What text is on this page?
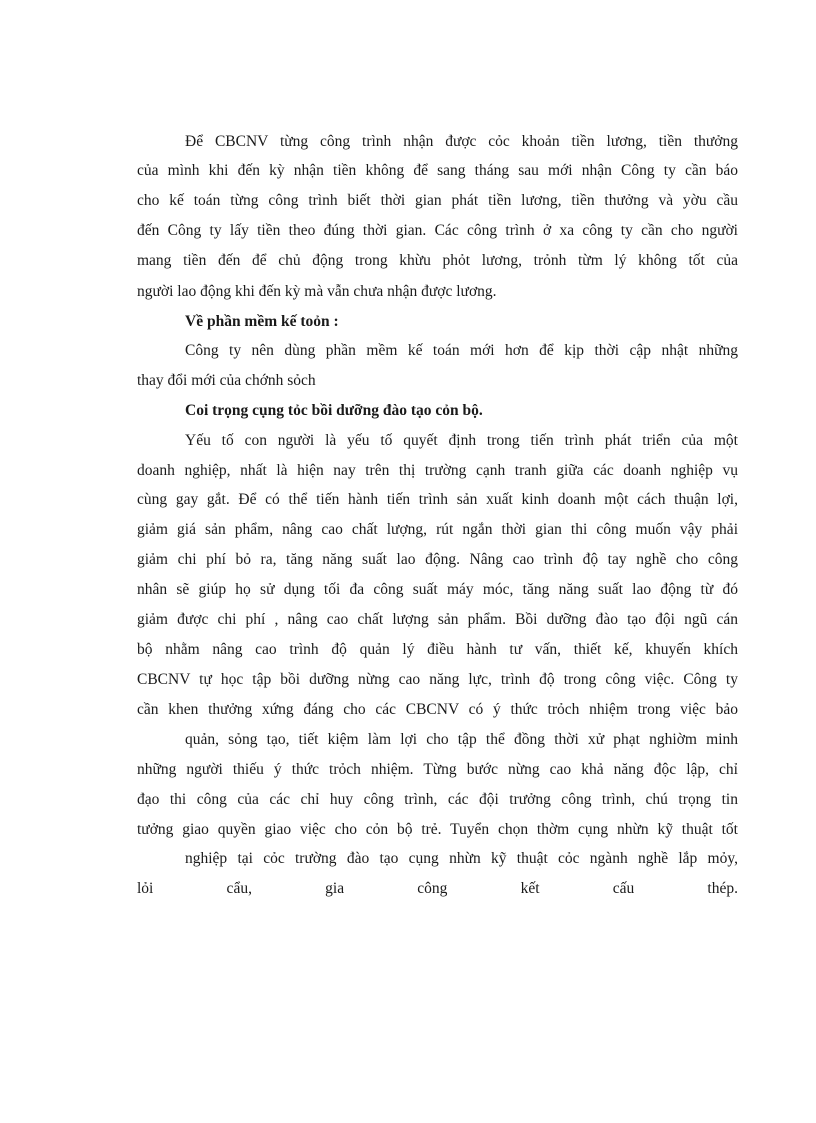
Để CBCNV từng công trình nhận được cỏc khoản tiền lương, tiền thưởng
của mình khi đến kỳ nhận tiền không để sang tháng sau mới nhận Công ty cần báo
cho kế toán từng công trình biết thời gian phát tiền lương, tiền thưởng và yờu cầu
đến Công ty lấy tiền theo đúng thời gian. Các công trình ở xa công ty cần cho người
mang tiền đến để chủ động trong khừu phỏt lương, trỏnh từm lý không tốt của
người lao động khi đến kỳ mà vẫn chưa nhận được lương.
Về phần mềm kế toỏn :
Công ty nên dùng phần mềm kế toán mới hơn để kịp thời cập nhật những
thay đổi mới của chớnh sỏch
Coi trọng cụng tỏc bồi dưỡng đào tạo cỏn bộ.
Yếu tố con người là yếu tố quyết định trong tiến trình phát triển của một
doanh nghiệp, nhất là hiện nay trên thị trường cạnh tranh giữa các doanh nghiệp vụ
cùng gay gắt. Để có thể tiến hành tiến trình sản xuất kinh doanh một cách thuận lợi,
giảm giá sản phẩm, nâng cao chất lượng, rút ngắn thời gian thi công muốn vậy phải
giảm chi phí bỏ ra, tăng năng suất lao động. Nâng cao trình độ tay nghề cho công
nhân sẽ giúp họ sử dụng tối đa công suất máy móc, tăng năng suất lao động từ đó
giảm được chi phí , nâng cao chất lượng sản phẩm. Bồi dưỡng đào tạo đội ngũ cán
bộ nhằm nâng cao trình độ quản lý điều hành tư vấn, thiết kế, khuyến khích
CBCNV tự học tập bồi dưỡng nừng cao năng lực, trình độ trong công việc. Công ty
cần khen thưởng xứng đáng cho các CBCNV có ý thức trỏch nhiệm trong việc bảo
quản, sỏng tạo, tiết kiệm làm lợi cho tập thể đồng thời xử phạt nghiờm minh
những người thiếu ý thức trỏch nhiệm. Từng bước nừng cao khả năng độc lập, chỉ
đạo thi công của các chỉ huy công trình, các đội trưởng công trình, chú trọng tin
tưởng giao quyền giao việc cho cỏn bộ trẻ. Tuyển chọn thờm cụng nhừn kỹ thuật tốt
nghiệp tại cỏc trường đào tạo cụng nhừn kỹ thuật cỏc ngành nghề lắp mỏy,
lỏi cẩu, gia công kết cấu thép.
